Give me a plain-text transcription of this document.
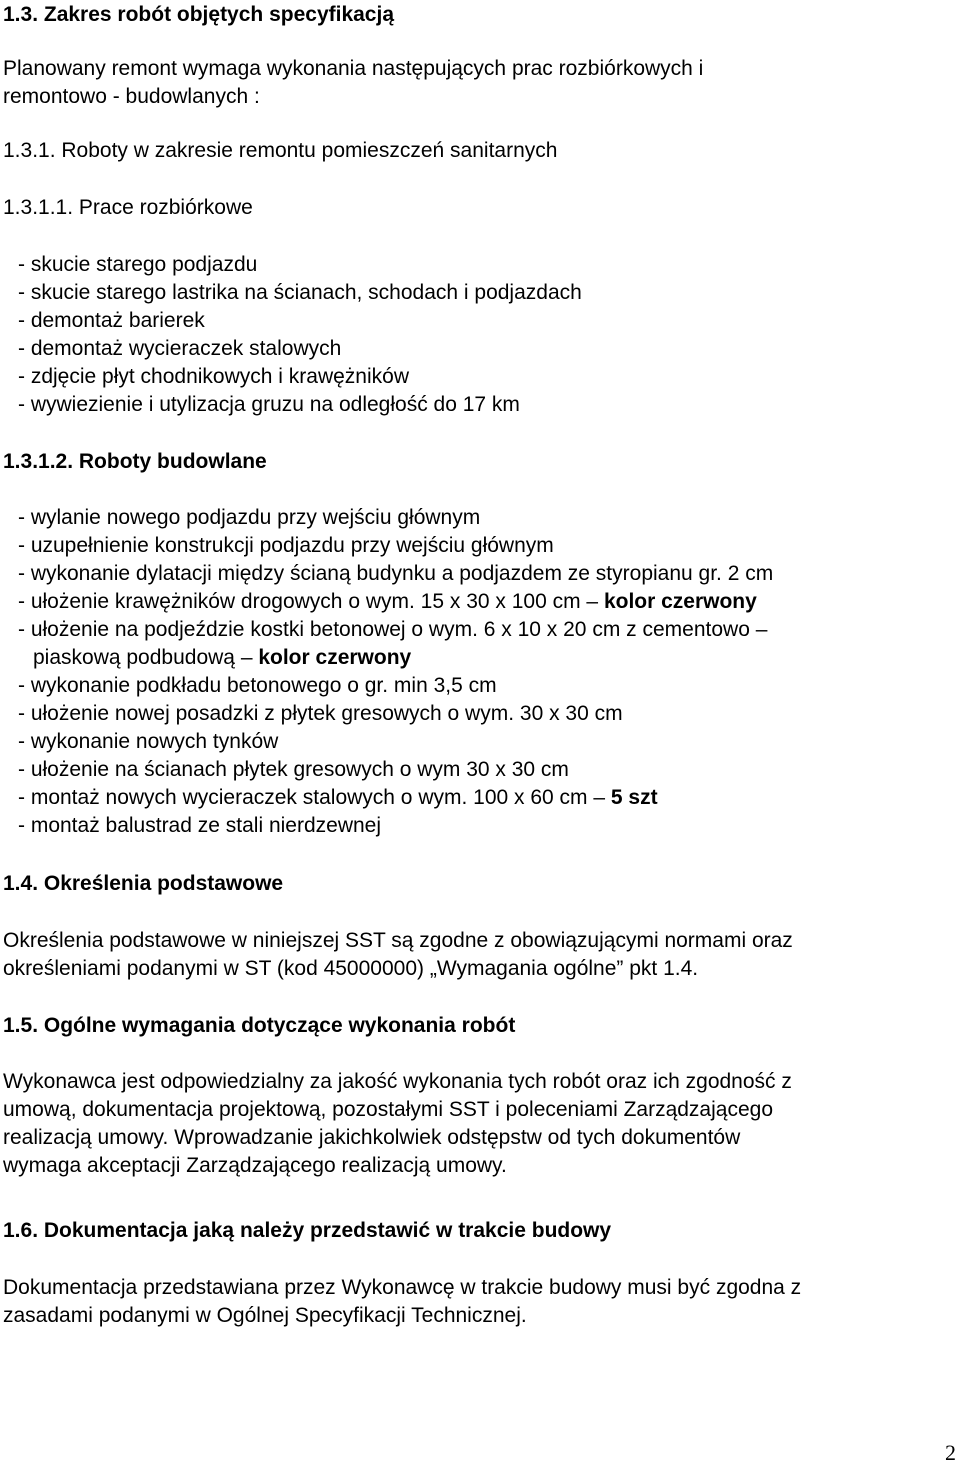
1.3. Zakres robót objętych specyfikacją
Planowany remont wymaga wykonania następujących prac rozbiórkowych i
remontowo - budowlanych :
1.3.1. Roboty w zakresie remontu pomieszczeń sanitarnych
1.3.1.1. Prace rozbiórkowe
- skucie starego podjazdu
- skucie starego lastrika na ścianach, schodach i podjazdach
- demontaż barierek
- demontaż wycieraczek stalowych
- zdjęcie płyt chodnikowych i krawężników
- wywiezienie i utylizacja gruzu na odległość do 17 km
1.3.1.2. Roboty budowlane
- wylanie nowego podjazdu przy wejściu głównym
- uzupełnienie konstrukcji podjazdu przy wejściu głównym
- wykonanie dylatacji między ścianą budynku a podjazdem ze styropianu gr. 2 cm
- ułożenie krawężników drogowych o wym. 15 x 30 x 100 cm – kolor czerwony
- ułożenie na podjeździe kostki betonowej o wym. 6 x 10 x 20 cm z cementowo –
piaskową podbudową – kolor czerwony
- wykonanie podkładu betonowego o gr. min 3,5 cm
- ułożenie nowej posadzki z płytek gresowych o wym. 30 x 30 cm
- wykonanie nowych tynków
- ułożenie na ścianach płytek gresowych o wym 30 x 30 cm
- montaż nowych wycieraczek stalowych o wym. 100 x 60 cm – 5 szt
- montaż balustrad ze stali nierdzewnej
1.4. Określenia podstawowe
Określenia podstawowe w niniejszej SST są zgodne z obowiązującymi normami oraz
określeniami podanymi w ST (kod 45000000) „Wymagania ogólne” pkt 1.4.
1.5. Ogólne wymagania dotyczące wykonania robót
Wykonawca jest odpowiedzialny za jakość wykonania tych robót oraz ich zgodność z
umową, dokumentacja projektową, pozostałymi SST i poleceniami Zarządzającego
realizacją umowy. Wprowadzanie jakichkolwiek odstępstw od tych dokumentów
wymaga akceptacji Zarządzającego realizacją umowy.
1.6. Dokumentacja jaką należy przedstawić w trakcie budowy
Dokumentacja przedstawiana przez Wykonawcę w trakcie budowy musi być zgodna z
zasadami podanymi w Ogólnej Specyfikacji Technicznej.
2
